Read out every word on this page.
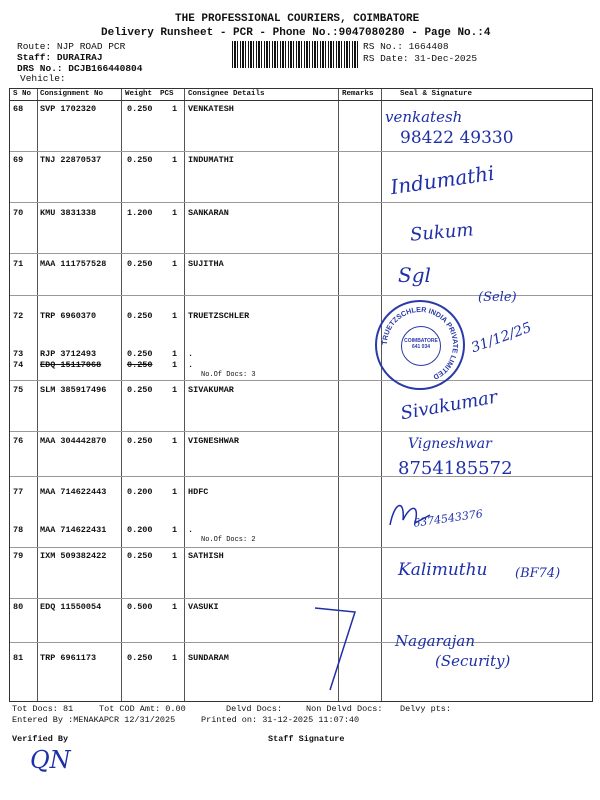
THE PROFESSIONAL COURIERS, COIMBATORE
Delivery Runsheet - PCR - Phone No.:9047080280 - Page No.:4
Route: NJP ROAD PCR
Staff: DURAIRAJ
DRS No.: DCJB166440804
Vehicle:
RS No.: 1664408
RS Date: 31-Dec-2025
S No Consignment No	Weight PCS Consignee Details	Remarks	Seal & Signature
68 SVP 1702320	0.250 1 VENKATESH
69 TNJ 22870537	0.250 1 INDUMATHI
70 KMU 3831338	1.200 1 SANKARAN
71 MAA 111757528 0.250 1 SUJITHA
72 TRP 6960370	0.250 1 TRUETZSCHLER
73 RJP 3712493	0.250 1 .
74 EDQ 15117068	0.250 1 .
No.Of Docs: 3
75 SLM 385917496 0.250 1 SIVAKUMAR
76 MAA 304442870 0.250 1 VIGNESHWAR
77 MAA 714622443 0.200 1 HDFC
78 MAA 714622431 0.200 1 .
No.Of Docs: 2
79 IXM 509382422 0.250 1 SATHISH
80 EDQ 11550054	0.500 1 VASUKI
81 TRP 6961173	0.250 1 SUNDARAM
venkatesh
98422 49330
Indumathi
Sukum
Sgl
(Sele)
TRUETZSCHLER INDIA PRIVATE LIMITED
COIMBATORE 641 034	31/12/25
Sivakumar
Vigneshwar
8754185572
6374543376
Kalimuthu (BF74)
Nagarajan
(Security)
Tot Docs: 81	Tot COD Amt: 0.00	Delvd Docs:	Non Delvd Docs: Delvy pts:
Entered By :MENAKAPCR 12/31/2025	Printed on: 31-12-2025 11:07:40
Verified By	Staff Signature
QN
